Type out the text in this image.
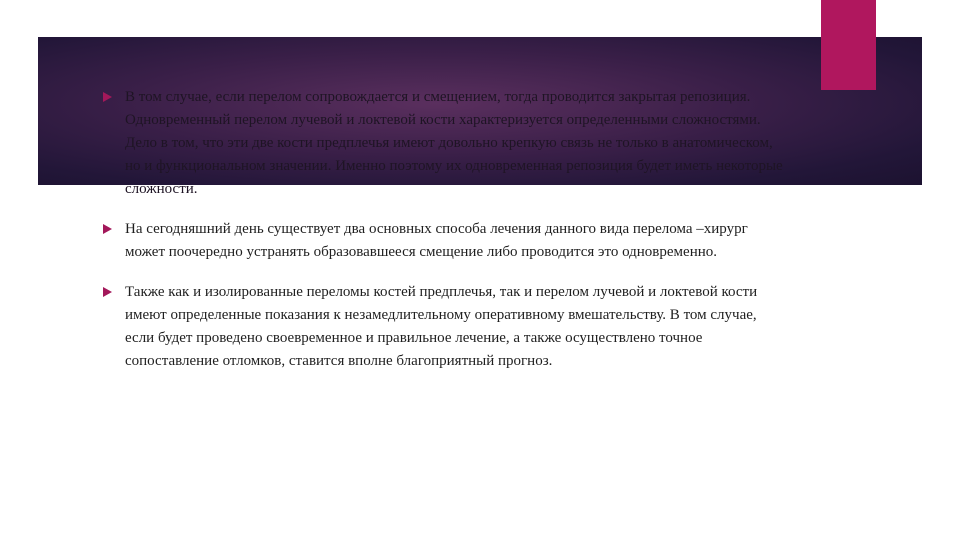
В том случае, если перелом сопровождается и смещением, тогда проводится закрытая репозиция. Одновременный перелом лучевой и локтевой кости характеризуется определенными сложностями. Дело в том, что эти две кости предплечья имеют довольно крепкую связь не только в анатомическом, но и функциональном значении. Именно поэтому их одновременная репозиция будет иметь некоторые сложности.
На сегодняшний день существует два основных способа лечения данного вида перелома –хирург может поочередно устранять образовавшееся смещение либо проводится это одновременно.
Также как и изолированные переломы костей предплечья, так и перелом лучевой и локтевой кости имеют определенные показания к незамедлительному оперативному вмешательству. В том случае, если будет проведено своевременное и правильное лечение, а также осуществлено точное сопоставление отломков, ставится вполне благоприятный прогноз.
